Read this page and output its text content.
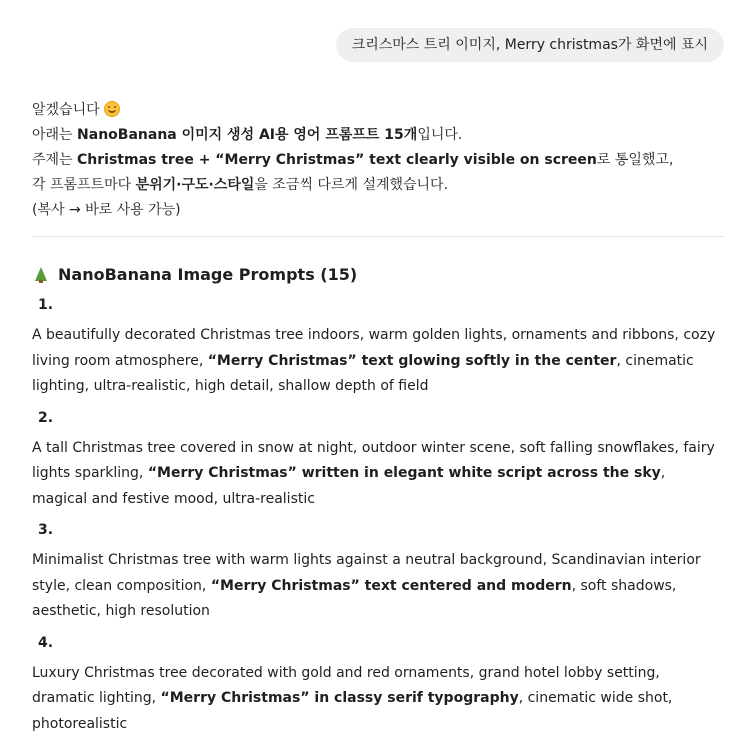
크리스마스 트리 이미지, Merry christmas가 화면에 표시

알겠습니다

아래는 NanoBanana 이미지 생성 AI용 영어 프롬프트 15개입니다.

주제는 Christmas tree + “Merry Christmas” text clearly visible on screen로 통일했고,

각 프롬프트마다 분위기·구도·스타일을 조금씩 다르게 설계했습니다.

(복사 → 바로 사용 가능)

NanoBanana Image Prompts (15)
1.

A beautifully decorated Christmas tree indoors, warm golden lights, ornaments and ribbons, cozy living room atmosphere, “Merry Christmas” text glowing softly in the center, cinematic lighting, ultra-realistic, high detail, shallow depth of field

2.

A tall Christmas tree covered in snow at night, outdoor winter scene, soft falling snowflakes, fairy lights sparkling, “Merry Christmas” written in elegant white script across the sky, magical and festive mood, ultra-realistic

3.

Minimalist Christmas tree with warm lights against a neutral background, Scandinavian interior style, clean composition, “Merry Christmas” text centered and modern, soft shadows, aesthetic, high resolution

4.

Luxury Christmas tree decorated with gold and red ornaments, grand hotel lobby setting, dramatic lighting, “Merry Christmas” in classy serif typography, cinematic wide shot, photorealistic
